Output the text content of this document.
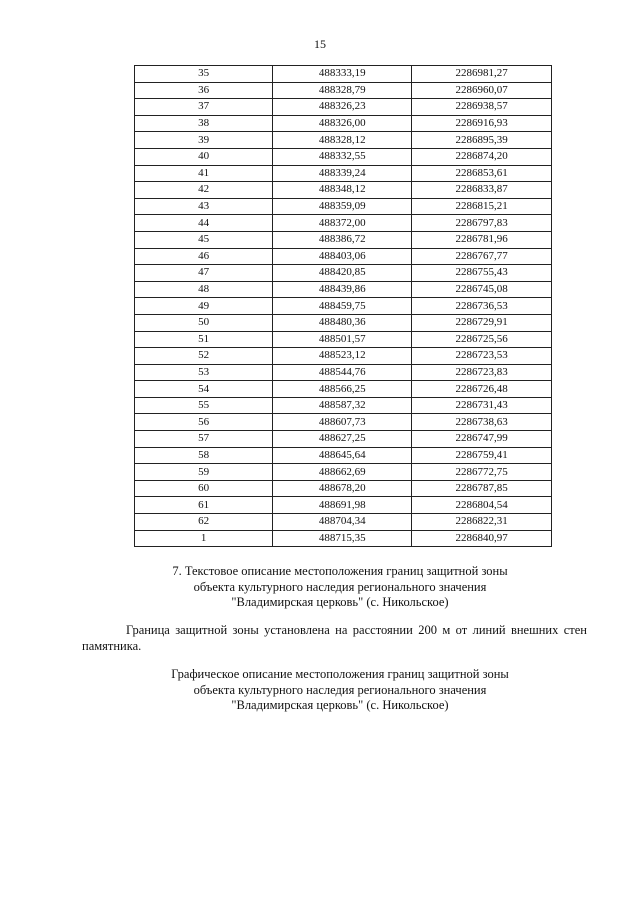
15
35	488333,19	2286981,27
36	488328,79	2286960,07
37	488326,23	2286938,57
38	488326,00	2286916,93
39	488328,12	2286895,39
40	488332,55	2286874,20
41	488339,24	2286853,61
42	488348,12	2286833,87
43	488359,09	2286815,21
44	488372,00	2286797,83
45	488386,72	2286781,96
46	488403,06	2286767,77
47	488420,85	2286755,43
48	488439,86	2286745,08
49	488459,75	2286736,53
50	488480,36	2286729,91
51	488501,57	2286725,56
52	488523,12	2286723,53
53	488544,76	2286723,83
54	488566,25	2286726,48
55	488587,32	2286731,43
56	488607,73	2286738,63
57	488627,25	2286747,99
58	488645,64	2286759,41
59	488662,69	2286772,75
60	488678,20	2286787,85
61	488691,98	2286804,54
62	488704,34	2286822,31
1	488715,35	2286840,97
7. Текстовое описание местоположения границ защитной зоны
объекта культурного наследия регионального значения
"Владимирская церковь" (с. Никольское)
Граница защитной зоны установлена на расстоянии 200 м от линий внешних стен памятника.
Графическое описание местоположения границ защитной зоны
объекта культурного наследия регионального значения
"Владимирская церковь" (с. Никольское)
